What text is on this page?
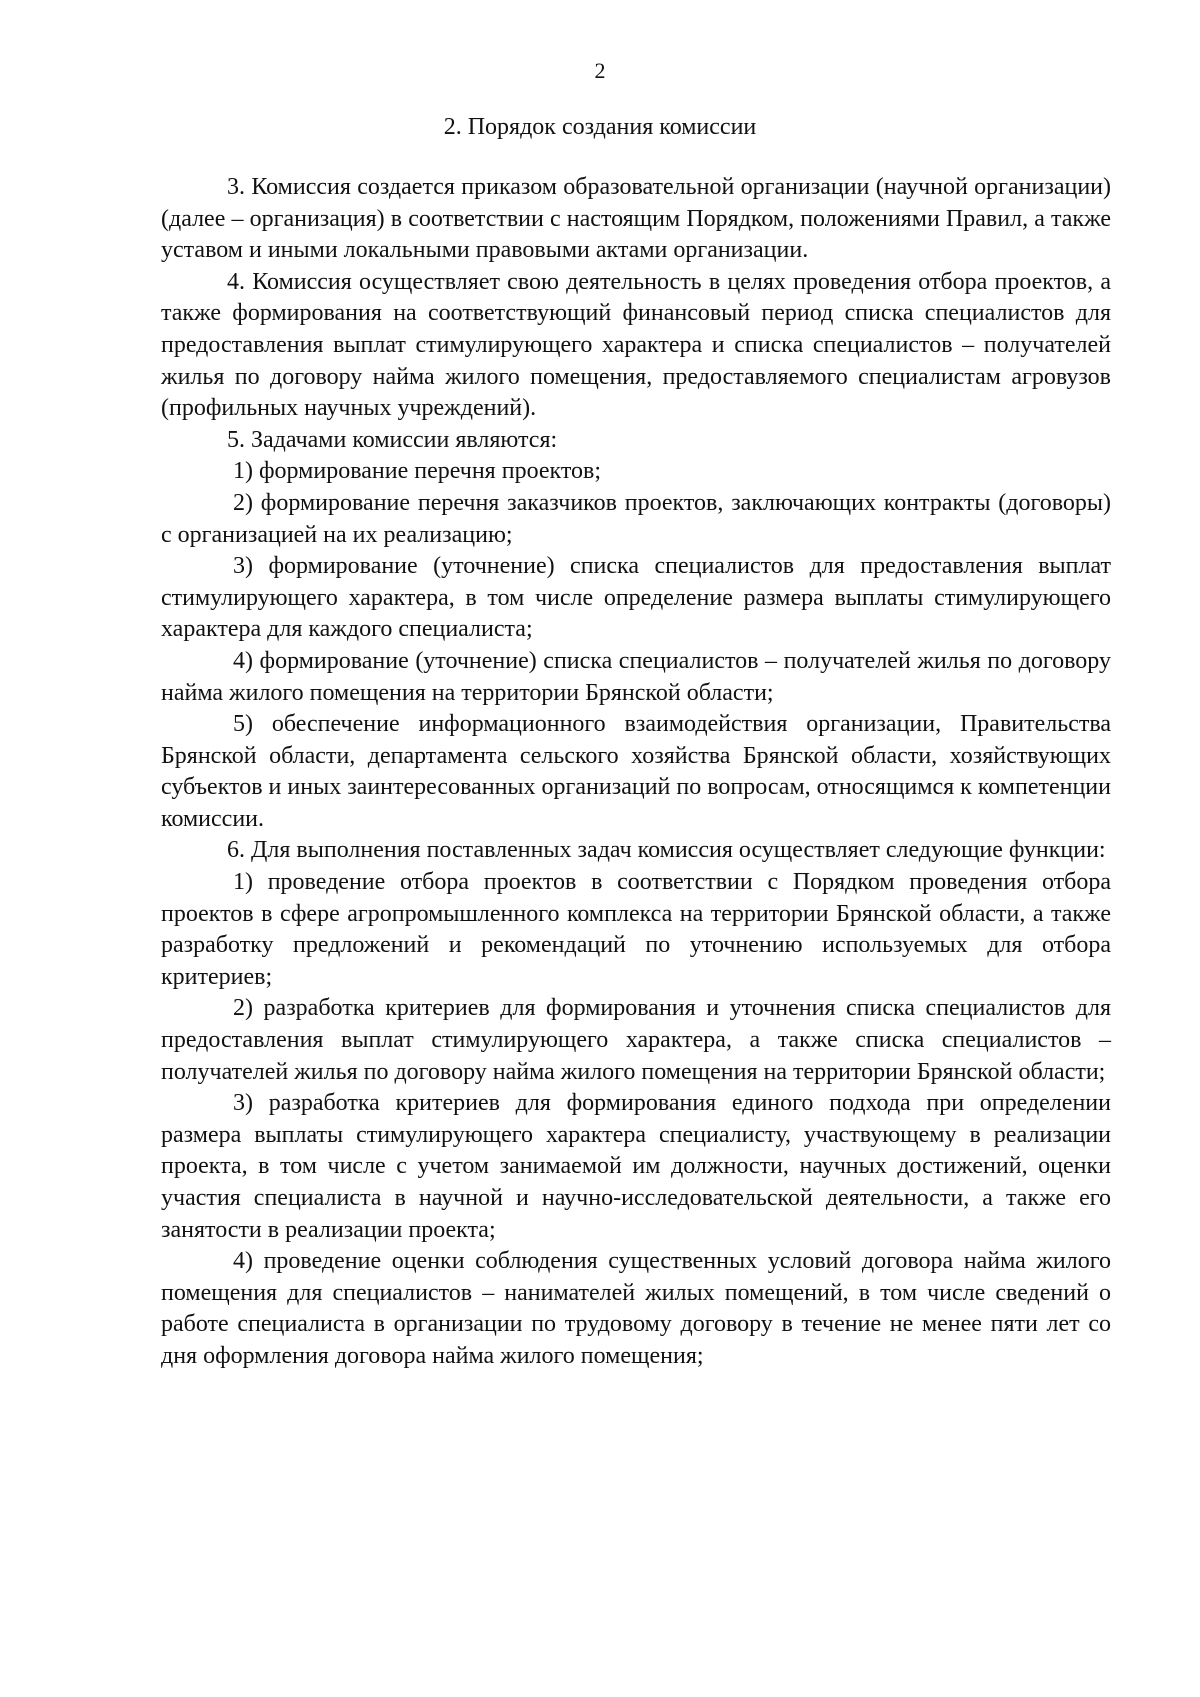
2
2. Порядок создания комиссии

3. Комиссия создается приказом образовательной организации (научной организации) (далее – организация) в соответствии с настоящим Порядком, положениями Правил, а также уставом и иными локальными правовыми актами организации.

4. Комиссия осуществляет свою деятельность в целях проведения отбора проектов, а также формирования на соответствующий финансовый период списка специалистов для предоставления выплат стимулирующего характера и списка специалистов – получателей жилья по договору найма жилого помещения, предоставляемого специалистам агровузов (профильных научных учреждений).

5. Задачами комиссии являются:

1) формирование перечня проектов;

2) формирование перечня заказчиков проектов, заключающих контракты (договоры) с организацией на их реализацию;

3) формирование (уточнение) списка специалистов для предоставления выплат стимулирующего характера, в том числе определение размера выплаты стимулирующего характера для каждого специалиста;

4) формирование (уточнение) списка специалистов – получателей жилья по договору найма жилого помещения на территории Брянской области;

5) обеспечение информационного взаимодействия организации, Правительства Брянской области, департамента сельского хозяйства Брянской области, хозяйствующих субъектов и иных заинтересованных организаций по вопросам, относящимся к компетенции комиссии.

6. Для выполнения поставленных задач комиссия осуществляет следующие функции:

1) проведение отбора проектов в соответствии с Порядком проведения отбора проектов в сфере агропромышленного комплекса на территории Брянской области, а также разработку предложений и рекомендаций по уточнению используемых для отбора критериев;

2) разработка критериев для формирования и уточнения списка специалистов для предоставления выплат стимулирующего характера, а также списка специалистов – получателей жилья по договору найма жилого помещения на территории Брянской области;

3) разработка критериев для формирования единого подхода при определении размера выплаты стимулирующего характера специалисту, участвующему в реализации проекта, в том числе с учетом занимаемой им должности, научных достижений, оценки участия специалиста в научной и научно-исследовательской деятельности, а также его занятости в реализации проекта;

4) проведение оценки соблюдения существенных условий договора найма жилого помещения для специалистов – нанимателей жилых помещений, в том числе сведений о работе специалиста в организации по трудовому договору в течение не менее пяти лет со дня оформления договора найма жилого помещения;
